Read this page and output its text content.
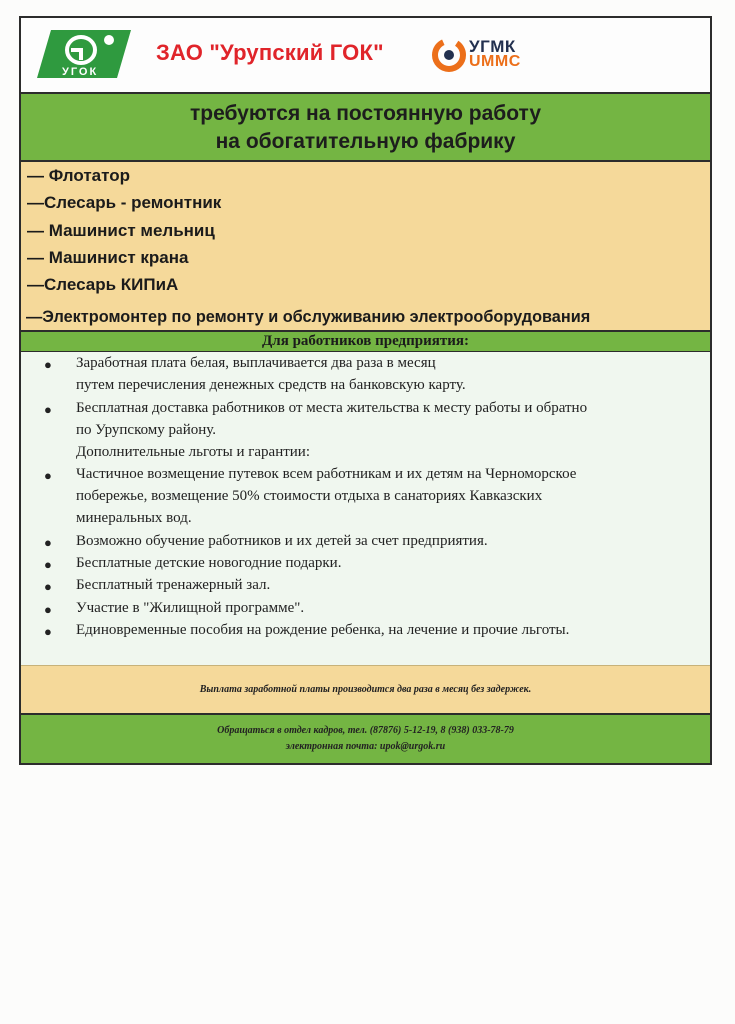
УГОК
ЗАО "Урупский ГОК"	УГМК
UMMC
требуются на постоянную работу
на обогатительную фабрику
— Флотатор
—Слесарь - ремонтник
— Машинист мельниц
— Машинист крана
—Слесарь КИПиА
—Электромонтер по ремонту и обслуживанию электрооборудования
Для работников предприятия:
● Заработная плата белая, выплачивается два раза в месяц
путем перечисления денежных средств на банковскую карту.
● Бесплатная доставка работников от места жительства к месту работы и обратно
по Урупскому району.
Дополнительные льготы и гарантии:
● Частичное возмещение путевок всем работникам и их детям на Черноморское
побережье, возмещение 50% стоимости отдыха в санаториях Кавказских
минеральных вод.
● Возможно обучение работников и их детей за счет предприятия.
● Бесплатные детские новогодние подарки.
● Бесплатный тренажерный зал.
● Участие в "Жилищной программе".
● Единовременные пособия на рождение ребенка, на лечение и прочие льготы.
Выплата заработной платы производится два раза в месяц без задержек.
Обращаться в отдел кадров, тел. (87876) 5-12-19, 8 (938) 033-78-79
электронная почта: upok@urgok.ru
